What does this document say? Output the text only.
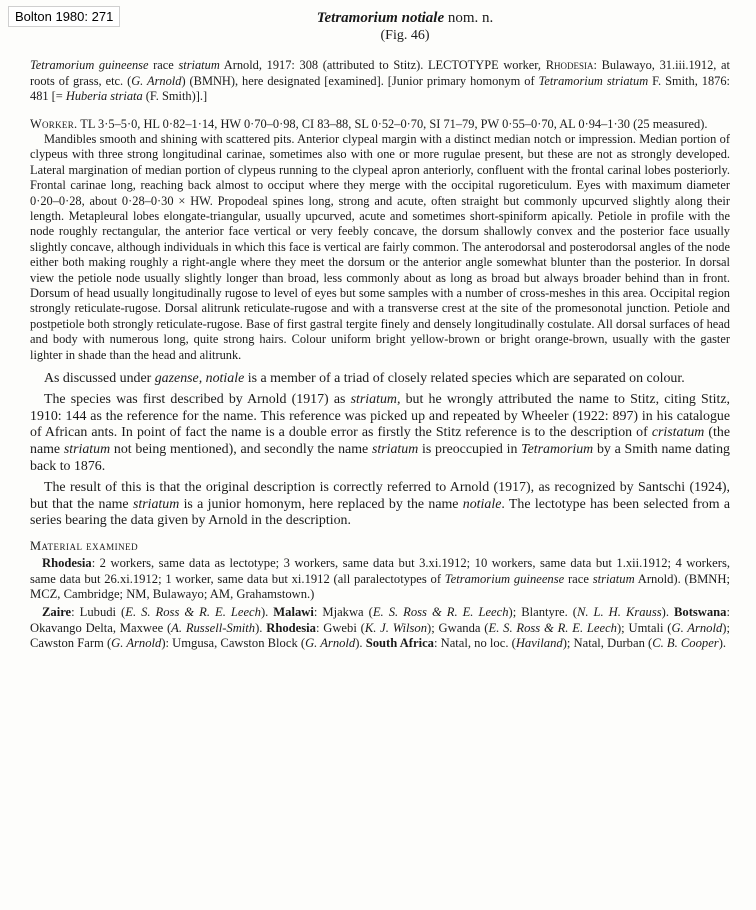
Bolton 1980: 271	Tetramorium notiale nom. n.
(Fig. 46)

Tetramorium guineense race striatum Arnold, 1917: 308 (attributed to Stitz). LECTOTYPE worker, Rhodesia: Bulawayo, 31.iii.1912, at roots of grass, etc. (G. Arnold) (BMNH), here designated [examined]. [Junior primary homonym of Tetramorium striatum F. Smith, 1876: 481 [= Huberia striata (F. Smith)].]

Worker. TL 3·5–5·0, HL 0·82–1·14, HW 0·70–0·98, CI 83–88, SL 0·52–0·70, SI 71–79, PW 0·55–0·70, AL 0·94–1·30 (25 measured).

Mandibles smooth and shining with scattered pits. Anterior clypeal margin with a distinct median notch or impression. Median portion of clypeus with three strong longitudinal carinae, sometimes also with one or more rugulae present, but these are not as strongly developed. Lateral margination of median portion of clypeus running to the clypeal apron anteriorly, confluent with the frontal carinal lobes posteriorly. Frontal carinae long, reaching back almost to occiput where they merge with the occipital rugoreticulum. Eyes with maximum diameter 0·20–0·28, about 0·28–0·30 × HW. Propodeal spines long, strong and acute, often straight but commonly upcurved slightly along their length. Metapleural lobes elongate-triangular, usually upcurved, acute and sometimes short-spiniform apically. Petiole in profile with the node roughly rectangular, the anterior face vertical or very feebly concave, the dorsum shallowly convex and the posterior face usually slightly concave, although individuals in which this face is vertical are fairly common. The anterodorsal and posterodorsal angles of the node either both making roughly a right-angle where they meet the dorsum or the anterior angle somewhat blunter than the posterior. In dorsal view the petiole node usually slightly longer than broad, less commonly about as long as broad but always broader behind than in front. Dorsum of head usually longitudinally rugose to level of eyes but some samples with a number of cross-meshes in this area. Occipital region strongly reticulate-rugose. Dorsal alitrunk reticulate-rugose and with a transverse crest at the site of the promesonotal junction. Petiole and postpetiole both strongly reticulate-rugose. Base of first gastral tergite finely and densely longitudinally costulate. All dorsal surfaces of head and body with numerous long, quite strong hairs. Colour uniform bright yellow-brown or bright orange-brown, usually with the gaster lighter in shade than the head and alitrunk.

As discussed under gazense, notiale is a member of a triad of closely related species which are separated on colour.

The species was first described by Arnold (1917) as striatum, but he wrongly attributed the name to Stitz, citing Stitz, 1910: 144 as the reference for the name. This reference was picked up and repeated by Wheeler (1922: 897) in his catalogue of African ants. In point of fact the name is a double error as firstly the Stitz reference is to the description of cristatum (the name striatum not being mentioned), and secondly the name striatum is preoccupied in Tetramorium by a Smith name dating back to 1876.

The result of this is that the original description is correctly referred to Arnold (1917), as recognized by Santschi (1924), but that the name striatum is a junior homonym, here replaced by the name notiale. The lectotype has been selected from a series bearing the data given by Arnold in the description.

Material examined

Rhodesia: 2 workers, same data as lectotype; 3 workers, same data but 3.xi.1912; 10 workers, same data but 1.xii.1912; 4 workers, same data but 26.xi.1912; 1 worker, same data but xi.1912 (all paralectotypes of Tetramorium guineense race striatum Arnold). (BMNH; MCZ, Cambridge; NM, Bulawayo; AM, Grahamstown.)

Zaire: Lubudi (E. S. Ross & R. E. Leech). Malawi: Mjakwa (E. S. Ross & R. E. Leech); Blantyre. (N. L. H. Krauss). Botswana: Okavango Delta, Maxwee (A. Russell-Smith). Rhodesia: Gwebi (K. J. Wilson); Gwanda (E. S. Ross & R. E. Leech); Umtali (G. Arnold); Cawston Farm (G. Arnold): Umgusa, Cawston Block (G. Arnold). South Africa: Natal, no loc. (Haviland); Natal, Durban (C. B. Cooper).
